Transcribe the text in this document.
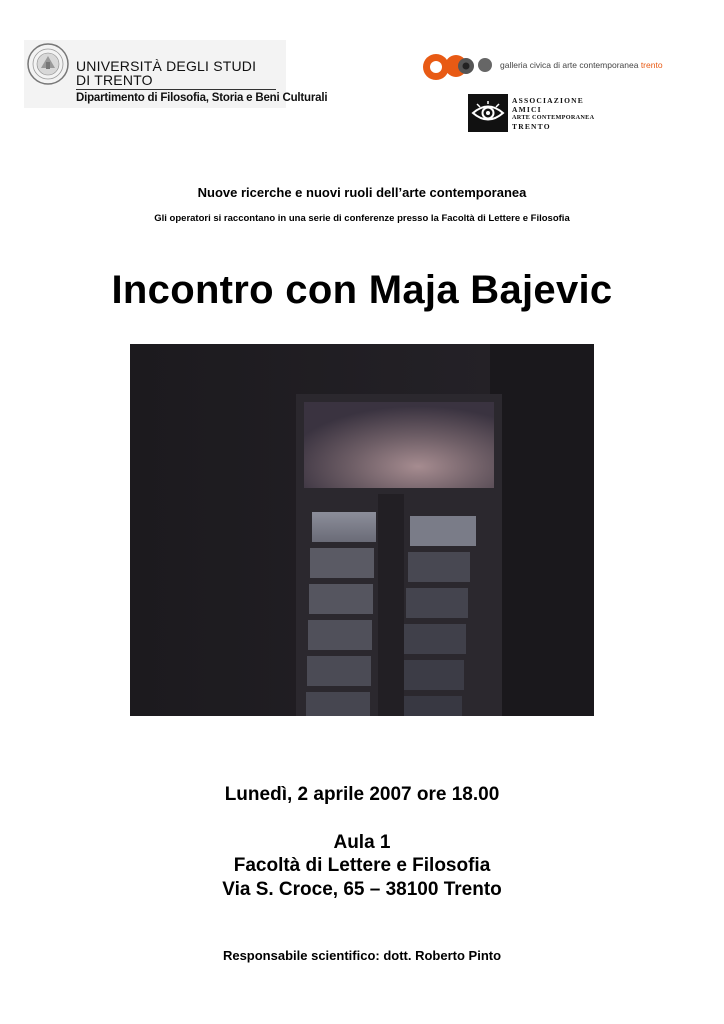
UNIVERSITÀ DEGLI STUDI
DI TRENTO
Dipartimento di Filosofia, Storia e Beni Culturali
galleria civica di arte contemporanea trento
ASSOCIAZIONE
AMICI
ARTE CONTEMPORANEA
TRENTO
Nuove ricerche e nuovi ruoli dell’arte contemporanea
Gli operatori si raccontano in una serie di conferenze presso la Facoltà di Lettere e Filosofia
Incontro con Maja Bajevic
Lunedì, 2 aprile 2007 ore 18.00
Aula 1
Facoltà di Lettere e Filosofia
Via S. Croce, 65 – 38100 Trento
Responsabile scientifico: dott. Roberto Pinto
